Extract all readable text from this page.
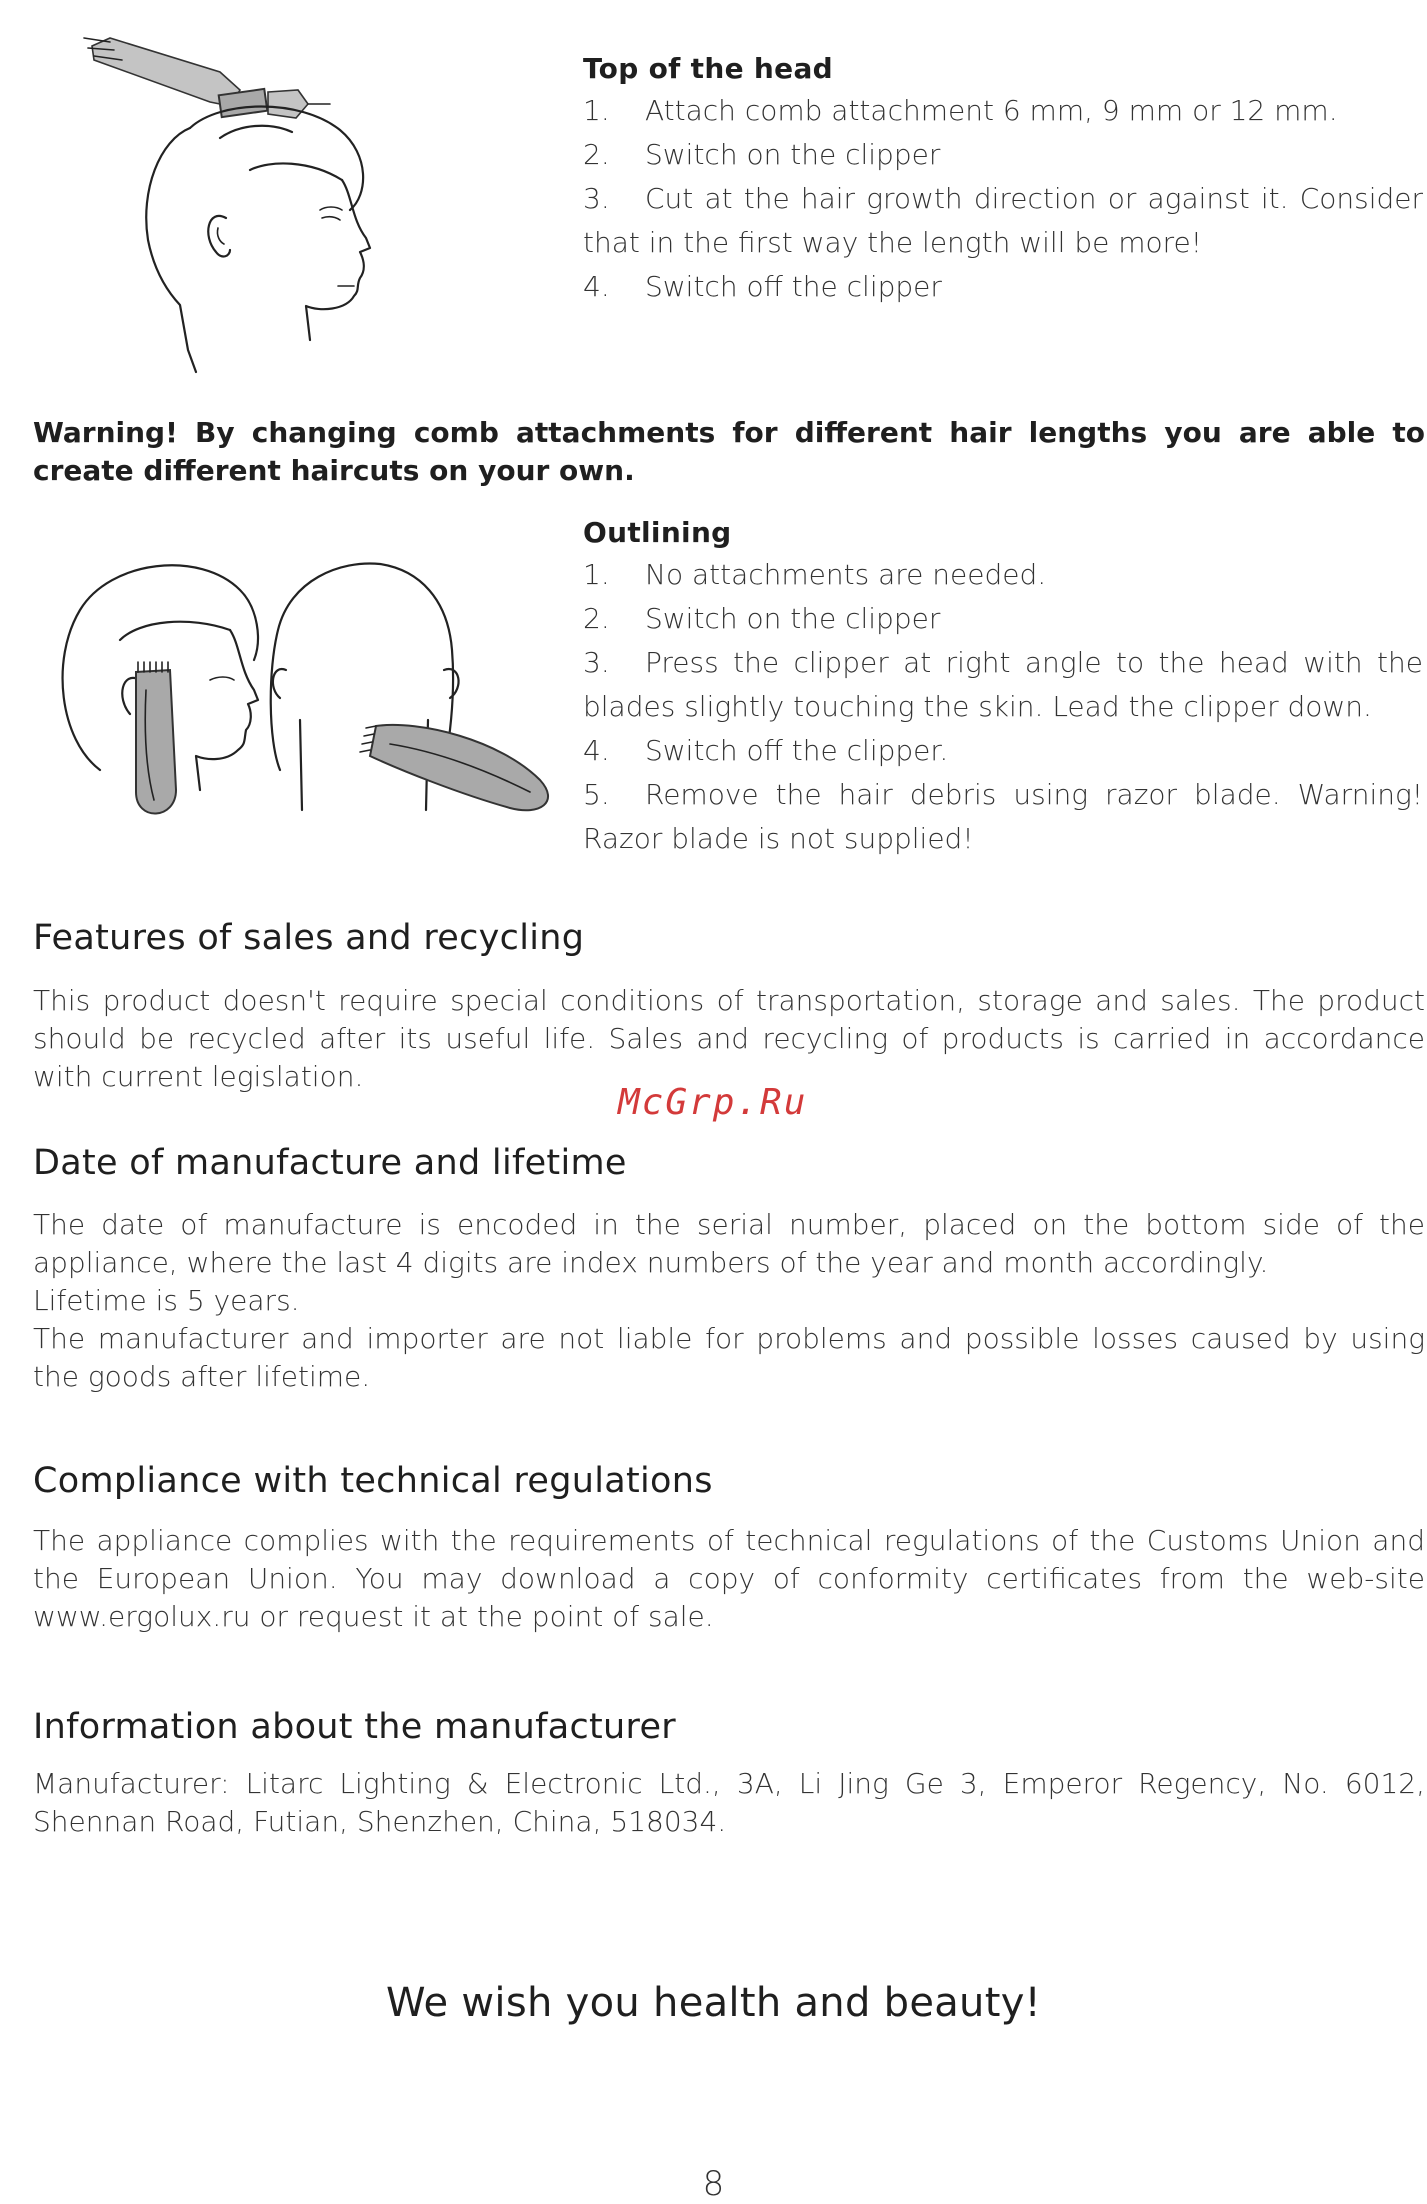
Top of the head
1. Attach comb attachment 6 mm, 9 mm or 12 mm.
2. Switch on the clipper
3. Cut at the hair growth direction or against it. Consider that in the first way the length will be more!
4. Switch off the clipper
Warning! By changing comb attachments for different hair lengths you are able to create different haircuts on your own.
Outlining
1. No attachments are needed.
2. Switch on the clipper
3. Press the clipper at right angle to the head with the blades slightly touching the skin. Lead the clipper down.
4. Switch off the clipper.
5. Remove the hair debris using razor blade. Warning! Razor blade is not supplied!
Features of sales and recycling
This product doesn't require special conditions of transportation, storage and sales. The product should be recycled after its useful life. Sales and recycling of products is carried in accordance with current legislation.
McGrp.Ru
Date of manufacture and lifetime

The date of manufacture is encoded in the serial number, placed on the bottom side of the appliance, where the last 4 digits are index numbers of the year and month accordingly.

Lifetime is 5 years.

The manufacturer and importer are not liable for problems and possible losses caused by using the goods after lifetime.

Compliance with technical regulations
The appliance complies with the requirements of technical regulations of the Customs Union and the European Union. You may download a copy of conformity certificates from the web-site www.ergolux.ru or request it at the point of sale.
Information about the manufacturer
Manufacturer: Litarc Lighting & Electronic Ltd., 3A, Li Jing Ge 3, Emperor Regency, No. 6012, Shennan Road, Futian, Shenzhen, China, 518034.
We wish you health and beauty!
8
